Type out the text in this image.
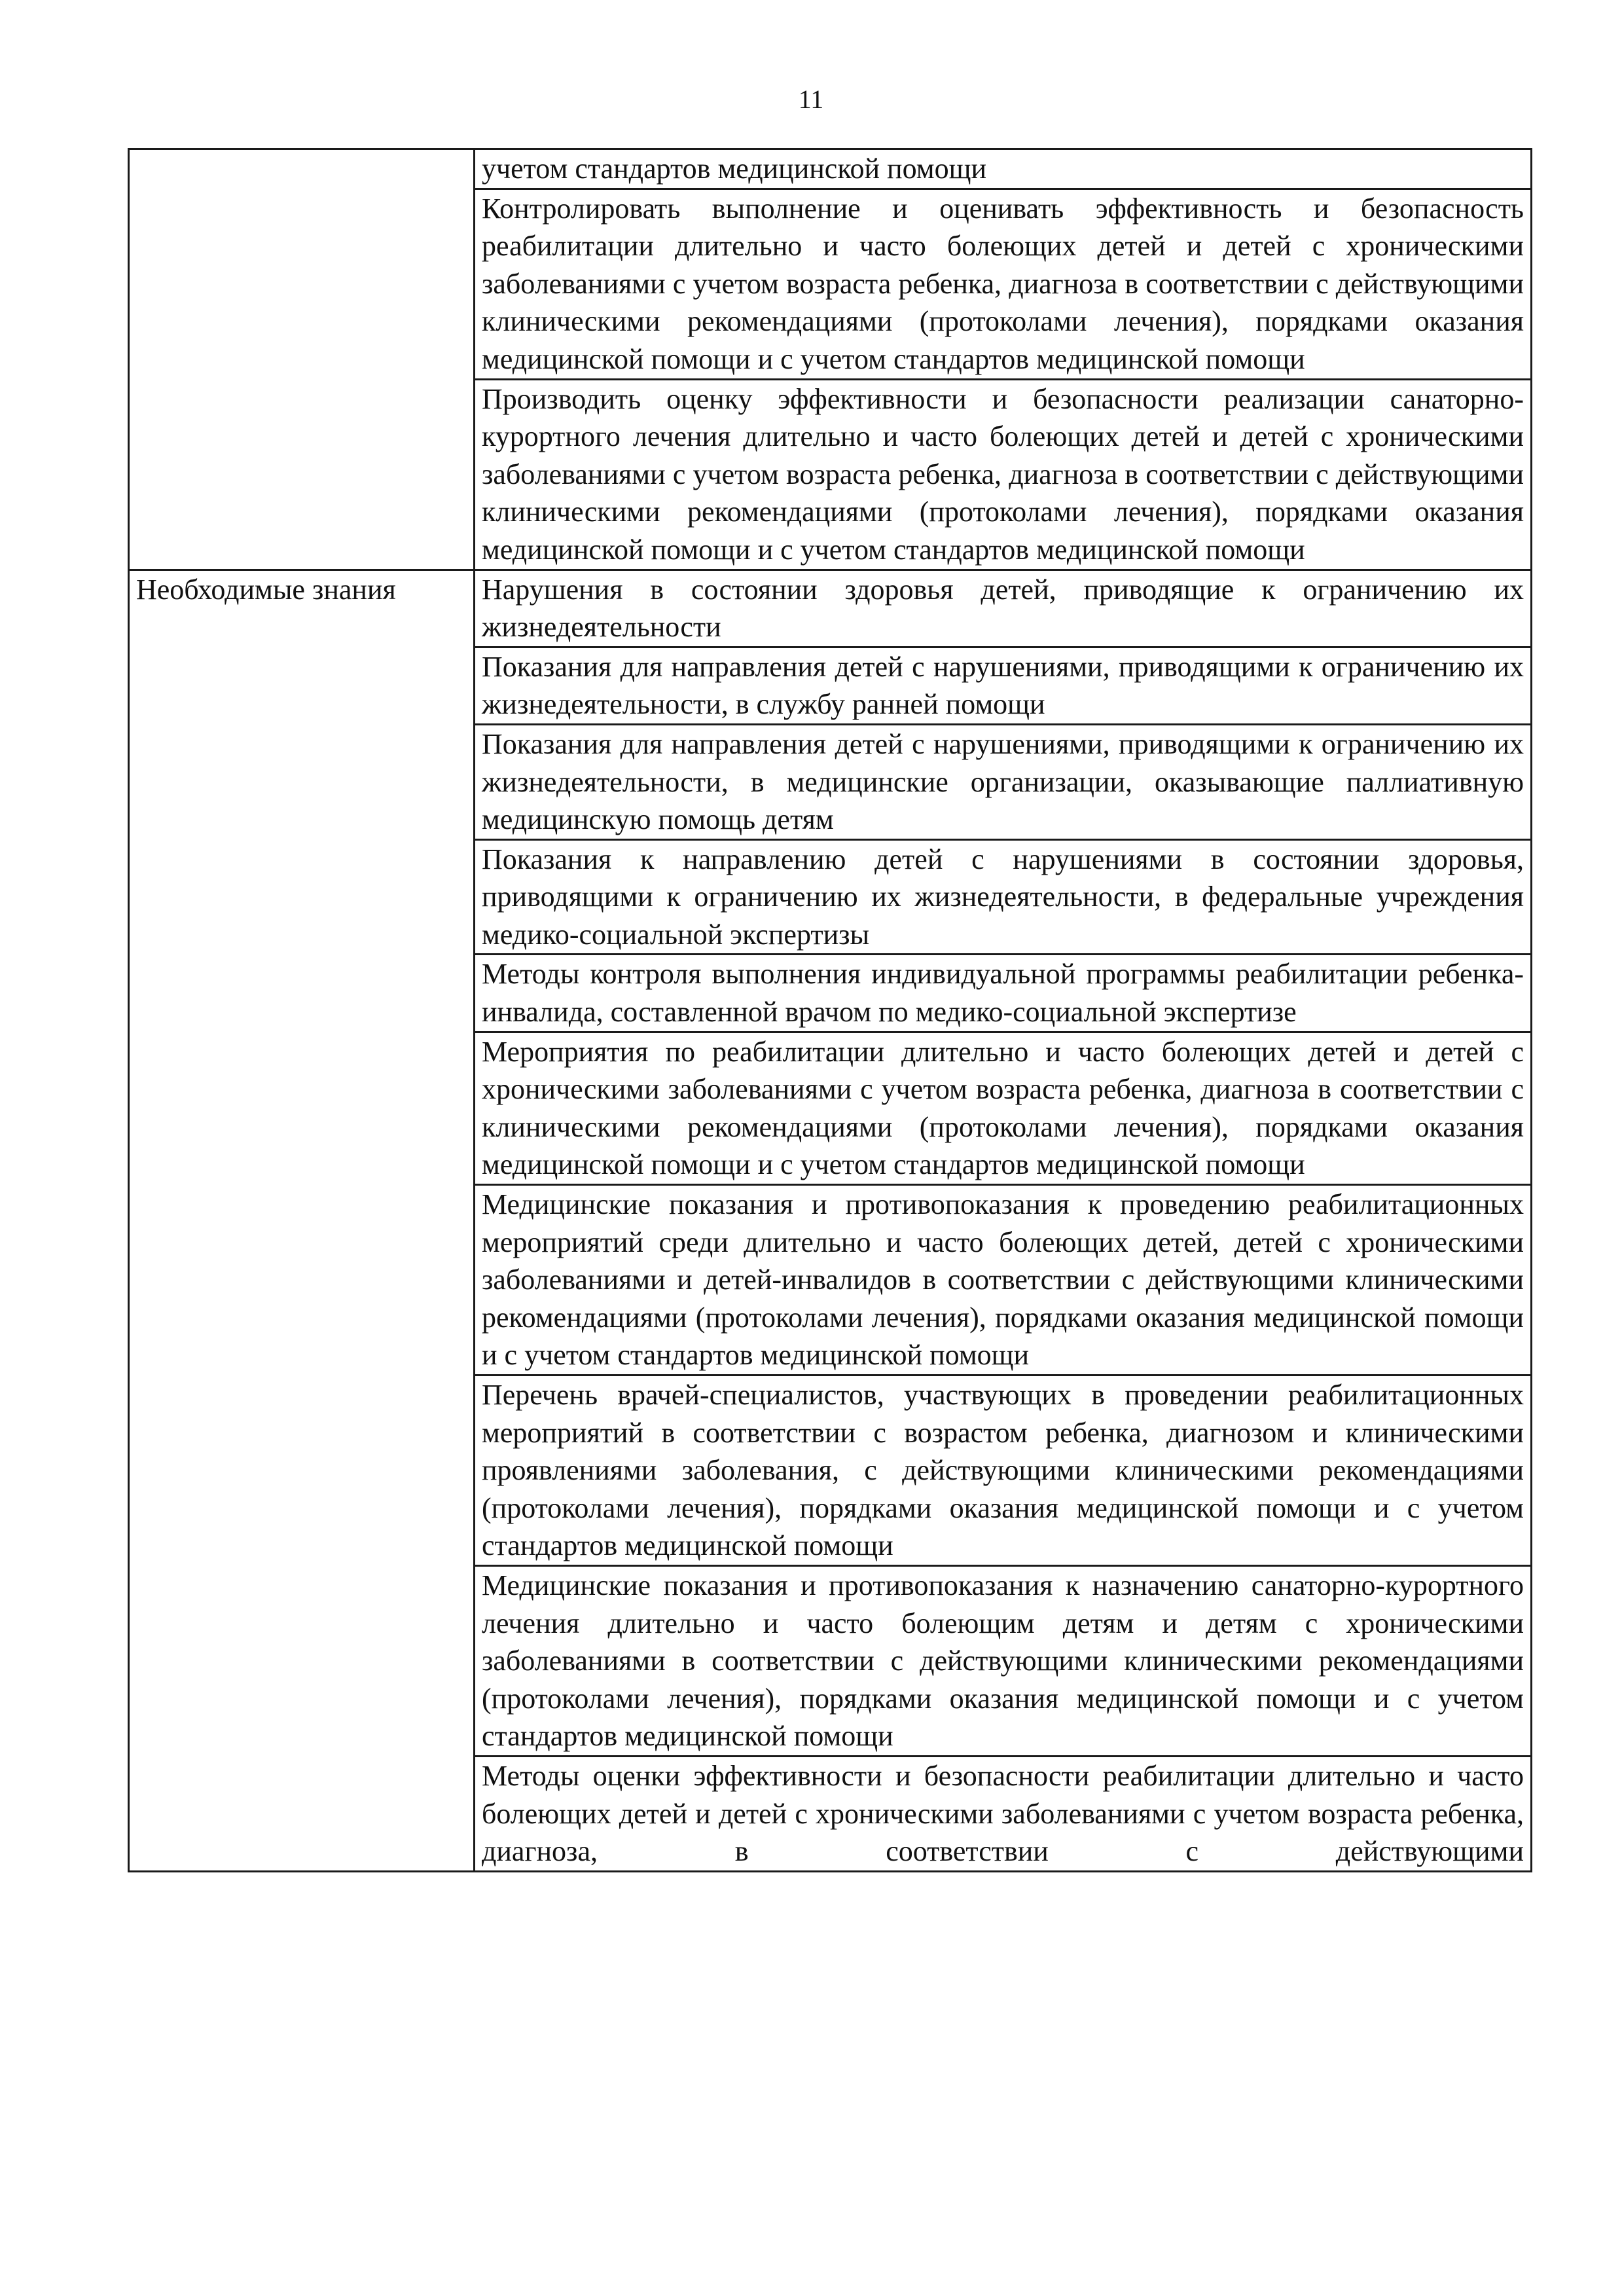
11
	учетом стандартов медицинской помощи
	Контролировать выполнение и оценивать эффективность и безопасность реабилитации длительно и часто болеющих детей и детей с хроническими заболеваниями с учетом возраста ребенка, диагноза в соответствии с действующими клиническими рекомендациями (протоколами лечения), порядками оказания медицинской помощи и с учетом стандартов медицинской помощи
	Производить оценку эффективности и безопасности реализации санаторно-курортного лечения длительно и часто болеющих детей и детей с хроническими заболеваниями с учетом возраста ребенка, диагноза в соответствии с действующими клиническими рекомендациями (протоколами лечения), порядками оказания медицинской помощи и с учетом стандартов медицинской помощи
Необходимые знания	Нарушения в состоянии здоровья детей, приводящие к ограничению их жизнедеятельности
	Показания для направления детей с нарушениями, приводящими к ограничению их жизнедеятельности, в службу ранней помощи
	Показания для направления детей с нарушениями, приводящими к ограничению их жизнедеятельности, в медицинские организации, оказывающие паллиативную медицинскую помощь детям
	Показания к направлению детей с нарушениями в состоянии здоровья, приводящими к ограничению их жизнедеятельности, в федеральные учреждения медико-социальной экспертизы
	Методы контроля выполнения индивидуальной программы реабилитации ребенка-инвалида, составленной врачом по медико-социальной экспертизе
	Мероприятия по реабилитации длительно и часто болеющих детей и детей с хроническими заболеваниями с учетом возраста ребенка, диагноза в соответствии с клиническими рекомендациями (протоколами лечения), порядками оказания медицинской помощи и с учетом стандартов медицинской помощи
	Медицинские показания и противопоказания к проведению реабилитационных мероприятий среди длительно и часто болеющих детей, детей с хроническими заболеваниями и детей-инвалидов в соответствии с действующими клиническими рекомендациями (протоколами лечения), порядками оказания медицинской помощи и с учетом стандартов медицинской помощи
	Перечень врачей-специалистов, участвующих в проведении реабилитационных мероприятий в соответствии с возрастом ребенка, диагнозом и клиническими проявлениями заболевания, с действующими клиническими рекомендациями (протоколами лечения), порядками оказания медицинской помощи и с учетом стандартов медицинской помощи
	Медицинские показания и противопоказания к назначению санаторно-курортного лечения длительно и часто болеющим детям и детям с хроническими заболеваниями в соответствии с действующими клиническими рекомендациями (протоколами лечения), порядками оказания медицинской помощи и с учетом стандартов медицинской помощи
	Методы оценки эффективности и безопасности реабилитации длительно и часто болеющих детей и детей с хроническими заболеваниями с учетом возраста ребенка, диагноза, в соответствии с действующими
